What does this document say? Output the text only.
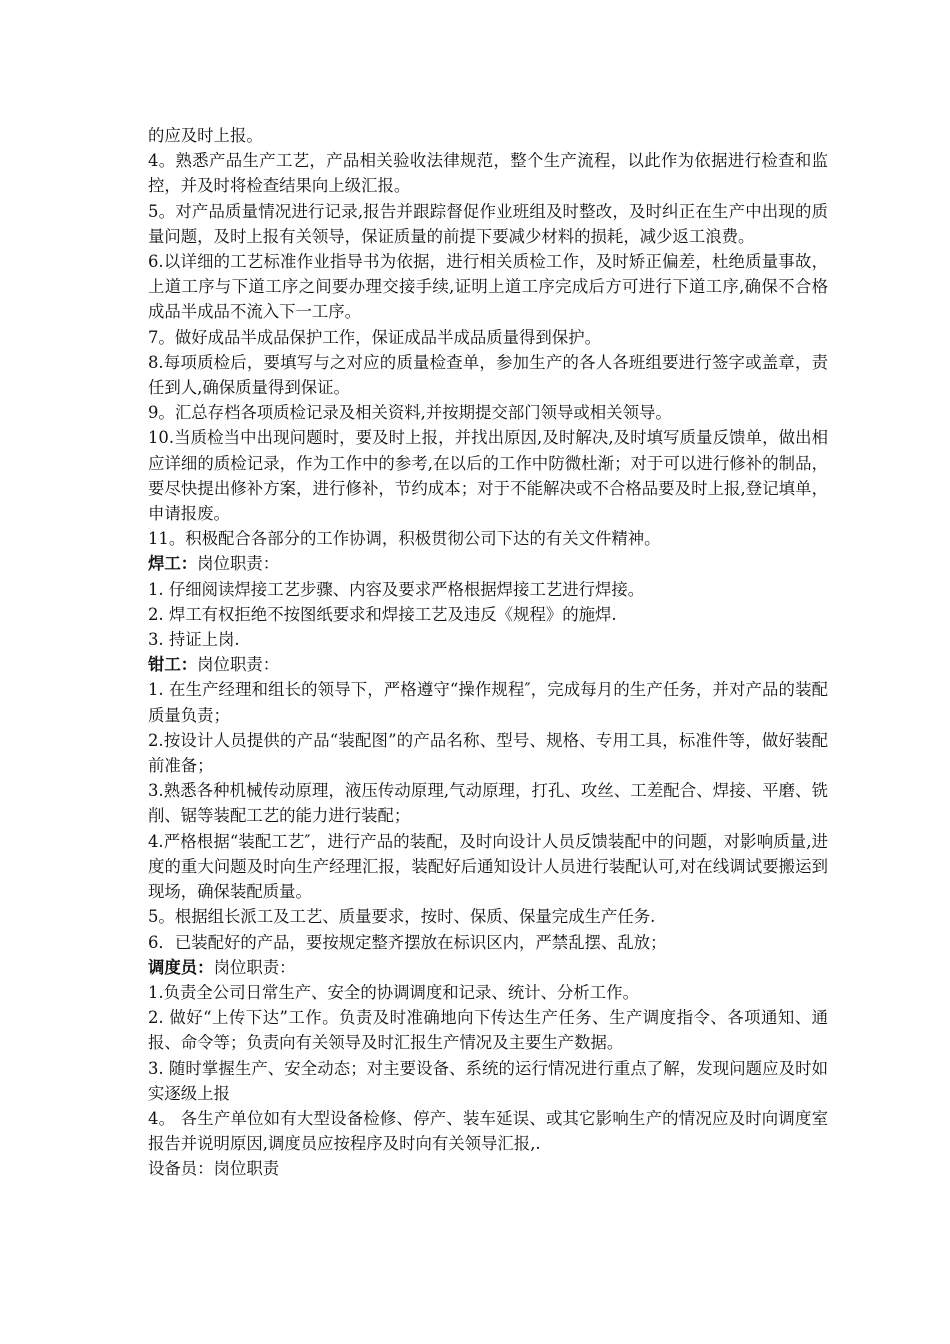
的应及时上报。

4。熟悉产品生产工艺，产品相关验收法律规范，整个生产流程，以此作为依据进行检查和监控，并及时将检查结果向上级汇报。

5。对产品质量情况进行记录,报告并跟踪督促作业班组及时整改，及时纠正在生产中出现的质量问题，及时上报有关领导，保证质量的前提下要减少材料的损耗，减少返工浪费。

6.以详细的工艺标准作业指导书为依据，进行相关质检工作，及时矫正偏差，杜绝质量事故，上道工序与下道工序之间要办理交接手续,证明上道工序完成后方可进行下道工序,确保不合格成品半成品不流入下一工序。

7。做好成品半成品保护工作，保证成品半成品质量得到保护。

8.每项质检后，要填写与之对应的质量检查单，参加生产的各人各班组要进行签字或盖章，责任到人,确保质量得到保证。

9。汇总存档各项质检记录及相关资料,并按期提交部门领导或相关领导。

10.当质检当中出现问题时，要及时上报，并找出原因,及时解决,及时填写质量反馈单，做出相应详细的质检记录，作为工作中的参考,在以后的工作中防微杜渐；对于可以进行修补的制品，要尽快提出修补方案，进行修补，节约成本；对于不能解决或不合格品要及时上报,登记填单，申请报废。

11。积极配合各部分的工作协调，积极贯彻公司下达的有关文件精神。

焊工：岗位职责：

1. 仔细阅读焊接工艺步骤、内容及要求严格根据焊接工艺进行焊接。

2. 焊工有权拒绝不按图纸要求和焊接工艺及违反《规程》的施焊.

3. 持证上岗.

钳工：岗位职责：

1. 在生产经理和组长的领导下，严格遵守“操作规程″，完成每月的生产任务，并对产品的装配质量负责；

2.按设计人员提供的产品“装配图”的产品名称、型号、规格、专用工具，标准件等，做好装配前准备；

3.熟悉各种机械传动原理，液压传动原理,气动原理，打孔、攻丝、工差配合、焊接、平磨、铣削、锯等装配工艺的能力进行装配；

4.严格根据“装配工艺″，进行产品的装配，及时向设计人员反馈装配中的问题，对影响质量,进度的重大问题及时向生产经理汇报，装配好后通知设计人员进行装配认可,对在线调试要搬运到现场，确保装配质量。

5。根据组长派工及工艺、质量要求，按时、保质、保量完成生产任务.

6．已装配好的产品，要按规定整齐摆放在标识区内，严禁乱摆、乱放；

调度员：岗位职责：

1.负责全公司日常生产、安全的协调调度和记录、统计、分析工作。

2. 做好“上传下达”工作。负责及时准确地向下传达生产任务、生产调度指令、各项通知、通报、命令等；负责向有关领导及时汇报生产情况及主要生产数据。

3. 随时掌握生产、安全动态；对主要设备、系统的运行情况进行重点了解，发现问题应及时如实逐级上报

4。 各生产单位如有大型设备检修、停产、装车延误、或其它影响生产的情况应及时向调度室报告并说明原因,调度员应按程序及时向有关领导汇报,.

设备员：岗位职责
